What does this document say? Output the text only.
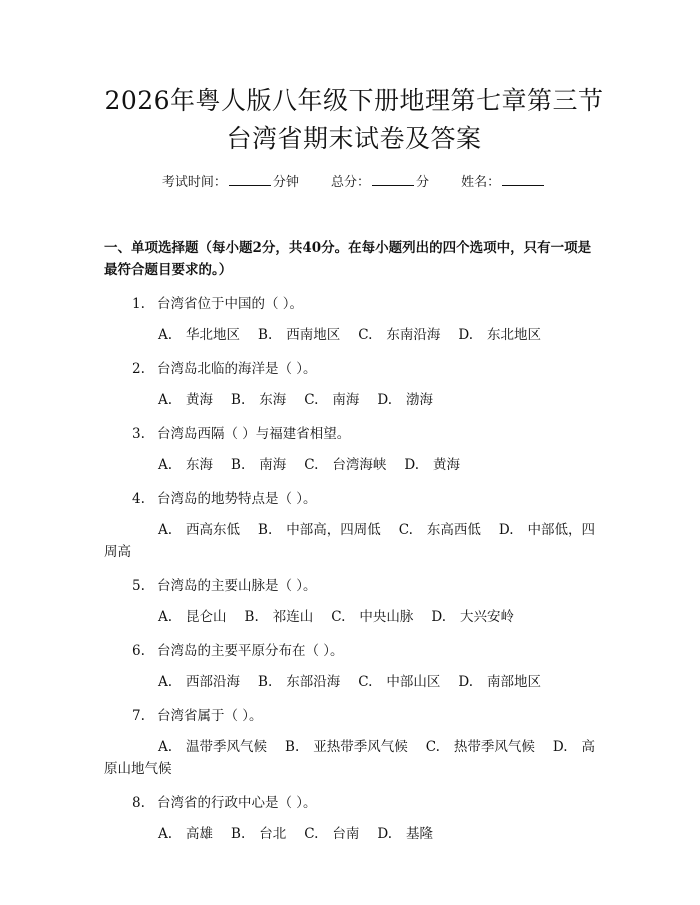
2026年粤人版八年级下册地理第七章第三节
台湾省期末试卷及答案
考试时间：	分钟 总分：	分 姓名：
一、单项选择题（每小题2分，共40分。在每小题列出的四个选项中，只有一项是最符合题目要求的。）
1. 台湾省位于中国的（ ）。
A. 华北地区 B. 西南地区 C. 东南沿海 D. 东北地区
2. 台湾岛北临的海洋是（ ）。
A. 黄海 B. 东海 C. 南海 D. 渤海
3. 台湾岛西隔（ ）与福建省相望。
A. 东海 B. 南海 C. 台湾海峡 D. 黄海
4. 台湾岛的地势特点是（ ）。
A. 西高东低 B. 中部高，四周低 C. 东高西低 D. 中部低，四周高
5. 台湾岛的主要山脉是（ ）。
A. 昆仑山 B. 祁连山 C. 中央山脉 D. 大兴安岭
6. 台湾岛的主要平原分布在（ ）。
A. 西部沿海 B. 东部沿海 C. 中部山区 D. 南部地区
7. 台湾省属于（ ）。
A. 温带季风气候 B. 亚热带季风气候 C. 热带季风气候 D. 高原山地气候
8. 台湾省的行政中心是（ ）。
A. 高雄 B. 台北 C. 台南 D. 基隆
